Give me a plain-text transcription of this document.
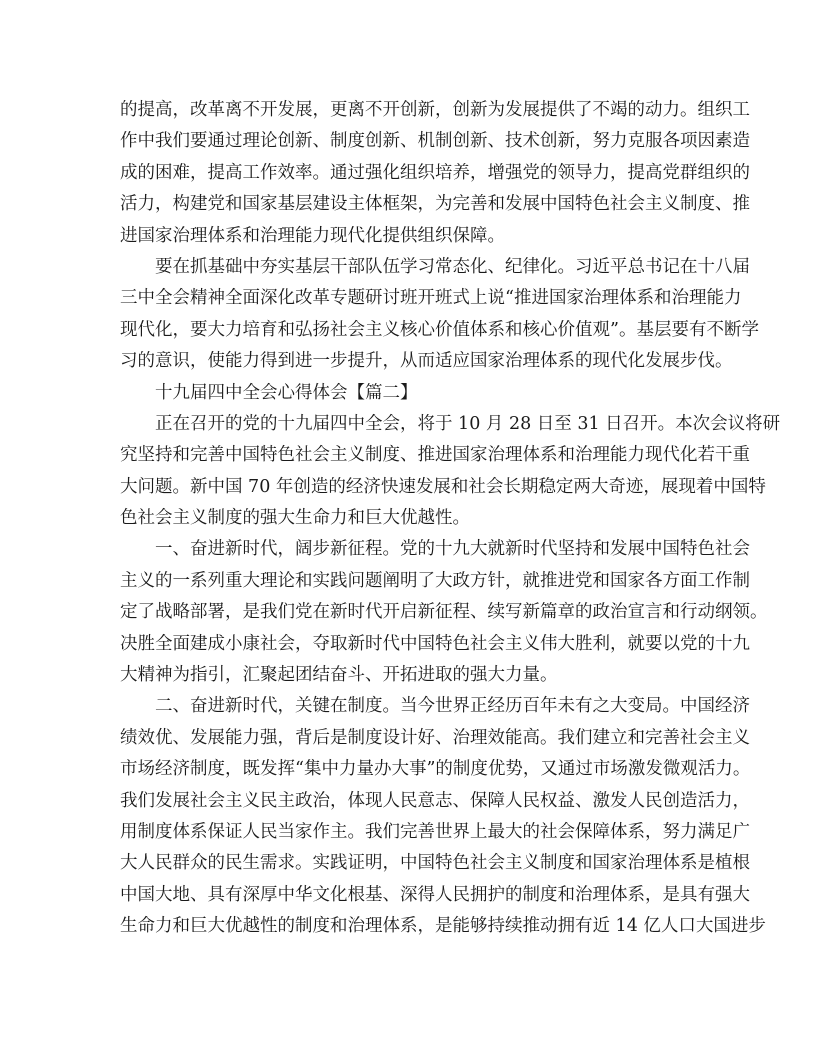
的提高，改革离不开发展，更离不开创新，创新为发展提供了不竭的动力。组织工
作中我们要通过理论创新、制度创新、机制创新、技术创新，努力克服各项因素造
成的困难，提高工作效率。通过强化组织培养，增强党的领导力，提高党群组织的
活力，构建党和国家基层建设主体框架，为完善和发展中国特色社会主义制度、推
进国家治理体系和治理能力现代化提供组织保障。
要在抓基础中夯实基层干部队伍学习常态化、纪律化。习近平总书记在十八届
三中全会精神全面深化改革专题研讨班开班式上说“推进国家治理体系和治理能力
现代化，要大力培育和弘扬社会主义核心价值体系和核心价值观”。基层要有不断学
习的意识，使能力得到进一步提升，从而适应国家治理体系的现代化发展步伐。
十九届四中全会心得体会【篇二】
正在召开的党的十九届四中全会，将于 10 月 28 日至 31 日召开。本次会议将研
究坚持和完善中国特色社会主义制度、推进国家治理体系和治理能力现代化若干重
大问题。新中国 70 年创造的经济快速发展和社会长期稳定两大奇迹，展现着中国特
色社会主义制度的强大生命力和巨大优越性。
一、奋进新时代，阔步新征程。党的十九大就新时代坚持和发展中国特色社会
主义的一系列重大理论和实践问题阐明了大政方针，就推进党和国家各方面工作制
定了战略部署，是我们党在新时代开启新征程、续写新篇章的政治宣言和行动纲领。
决胜全面建成小康社会，夺取新时代中国特色社会主义伟大胜利，就要以党的十九
大精神为指引，汇聚起团结奋斗、开拓进取的强大力量。
二、奋进新时代，关键在制度。当今世界正经历百年未有之大变局。中国经济
绩效优、发展能力强，背后是制度设计好、治理效能高。我们建立和完善社会主义
市场经济制度，既发挥“集中力量办大事”的制度优势，又通过市场激发微观活力。
我们发展社会主义民主政治，体现人民意志、保障人民权益、激发人民创造活力，
用制度体系保证人民当家作主。我们完善世界上最大的社会保障体系，努力满足广
大人民群众的民生需求。实践证明，中国特色社会主义制度和国家治理体系是植根
中国大地、具有深厚中华文化根基、深得人民拥护的制度和治理体系，是具有强大
生命力和巨大优越性的制度和治理体系，是能够持续推动拥有近 14 亿人口大国进步
